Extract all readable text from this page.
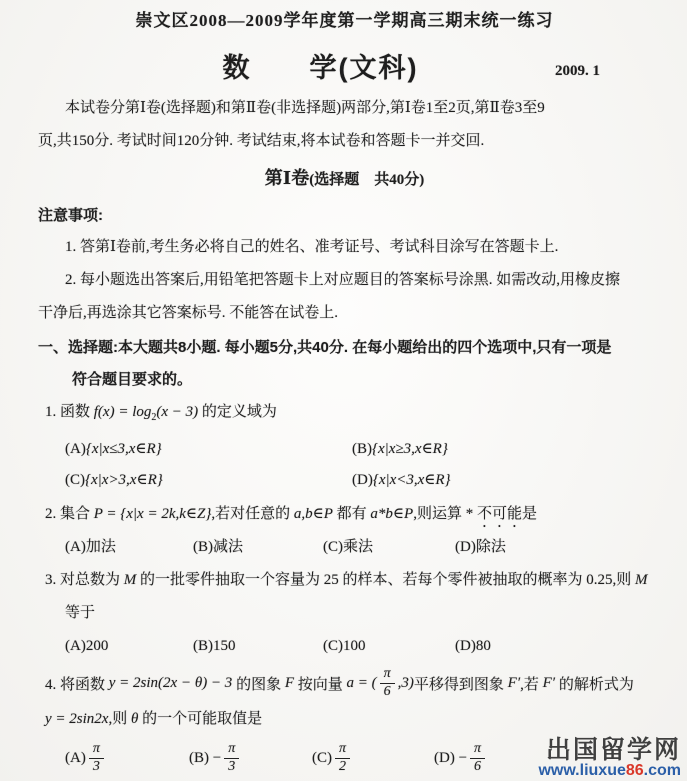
崇文区2008—2009学年度第一学期高三期末统一练习
数　　学(文科)	2009. 1
本试卷分第Ⅰ卷(选择题)和第Ⅱ卷(非选择题)两部分,第Ⅰ卷1至2页,第Ⅱ卷3至9
页,共150分. 考试时间120分钟. 考试结束,将本试卷和答题卡一并交回.
第Ⅰ卷(选择题　共40分)
注意事项:
1. 答第Ⅰ卷前,考生务必将自己的姓名、准考证号、考试科目涂写在答题卡上.
2. 每小题选出答案后,用铅笔把答题卡上对应题目的答案标号涂黑. 如需改动,用橡皮擦
干净后,再选涂其它答案标号. 不能答在试卷上.
一、选择题:本大题共8小题. 每小题5分,共40分. 在每小题给出的四个选项中,只有一项是
符合题目要求的。
1. 函数 $f(x) = \log_2(x - 3)$ 的定义域为
(A){x|x≤3,x∈R}	(B){x|x≥3,x∈R}
(C){x|x>3,x∈R}	(D){x|x<3,x∈R}
2. 集合 P = {x|x = 2k,k∈Z},若对任意的 a,b∈P 都有 a*b∈P,则运算 * 不可能是
(A)加法	(B)减法	(C)乘法	(D)除法
3. 对总数为 M 的一批零件抽取一个容量为 25 的样本、若每个零件被抽取的概率为 0.25,则 M
等于
(A)200	(B)150	(C)100	(D)80
4. 将函数 y = 2sin(2x − θ) − 3 的图象 F 按向量 a = ( $\frac{\pi}{6} ,3$) 平移得到图象 F′ ,若 F′ 的解析式为
y = 2sin2x,则 θ 的一个可能取值是
$(A) \frac{\pi}{3}$	$(B) - \frac{\pi}{3}$	$(C) \frac{\pi}{2}$	$(D) - \frac{\pi}{6}$	出国留学网
www.liuxue86.com
